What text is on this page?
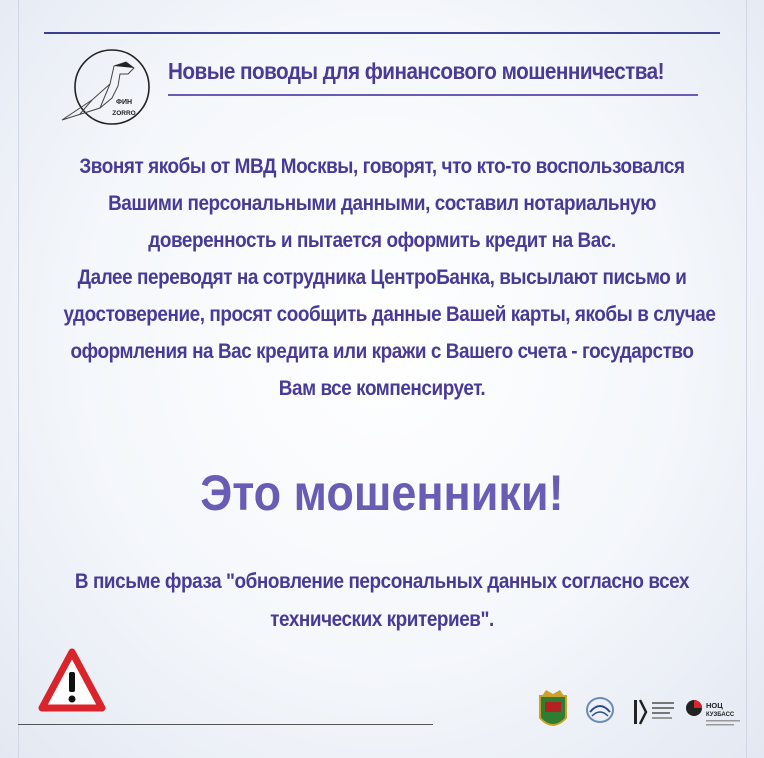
ФИН
ZORRO
Новые поводы для финансового мошенничества!
Звонят якобы от МВД Москвы, говорят, что кто-то воспользовался
Вашими персональными данными, составил нотариальную
доверенность и пытается оформить кредит на Вас.
Далее переводят на сотрудника ЦентроБанка, высылают письмо и
удостоверение, просят сообщить данные Вашей карты, якобы в случае
оформления на Вас кредита или кражи с Вашего счета - государство
Вам все компенсирует.
Это мошенники!
В письме фраза "обновление персональных данных согласно всех
технических критериев".
НОЦ
КУЗБАСС
